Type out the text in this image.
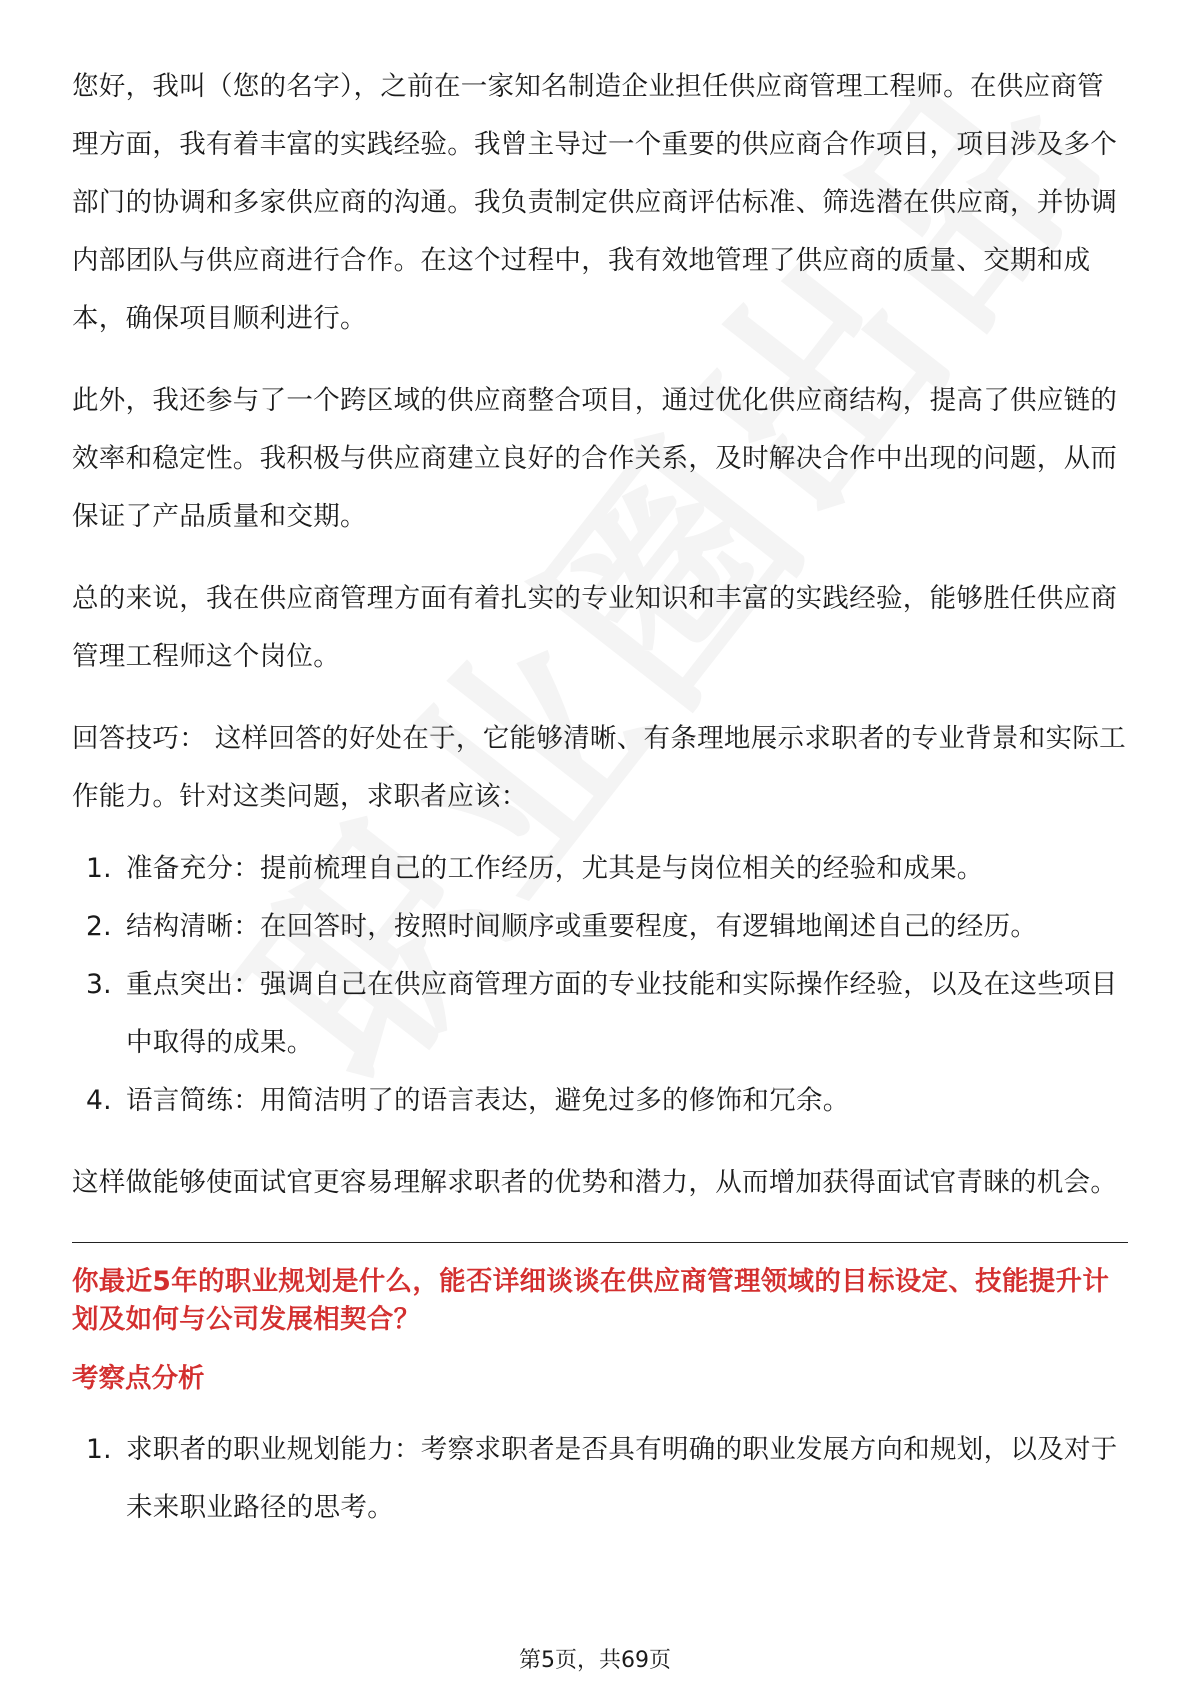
您好，我叫（您的名字），之前在一家知名制造企业担任供应商管理工程师。在供应商管理方面，我有着丰富的实践经验。我曾主导过一个重要的供应商合作项目，项目涉及多个部门的协调和多家供应商的沟通。我负责制定供应商评估标准、筛选潜在供应商，并协调内部团队与供应商进行合作。在这个过程中，我有效地管理了供应商的质量、交期和成本，确保项目顺利进行。

此外，我还参与了一个跨区域的供应商整合项目，通过优化供应商结构，提高了供应链的效率和稳定性。我积极与供应商建立良好的合作关系，及时解决合作中出现的问题，从而保证了产品质量和交期。

总的来说，我在供应商管理方面有着扎实的专业知识和丰富的实践经验，能够胜任供应商管理工程师这个岗位。

回答技巧： 这样回答的好处在于，它能够清晰、有条理地展示求职者的专业背景和实际工作能力。针对这类问题，求职者应该：

1. 准备充分：提前梳理自己的工作经历，尤其是与岗位相关的经验和成果。
2. 结构清晰：在回答时，按照时间顺序或重要程度，有逻辑地阐述自己的经历。
3. 重点突出：强调自己在供应商管理方面的专业技能和实际操作经验，以及在这些项目中取得的成果。
4. 语言简练：用简洁明了的语言表达，避免过多的修饰和冗余。

这样做能够使面试官更容易理解求职者的优势和潜力，从而增加获得面试官青睐的机会。

你最近5年的职业规划是什么，能否详细谈谈在供应商管理领域的目标设定、技能提升计划及如何与公司发展相契合？
考察点分析
1. 求职者的职业规划能力：考察求职者是否具有明确的职业发展方向和规划，以及对于未来职业路径的思考。
第5页，共69页
